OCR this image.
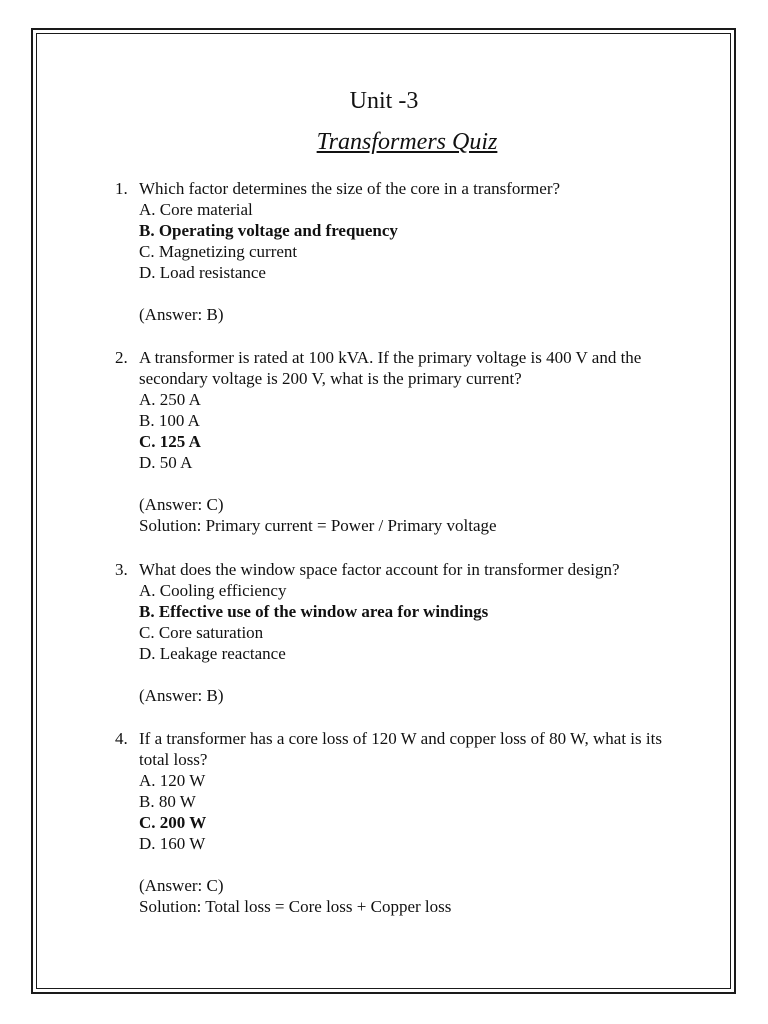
Unit -3
Transformers Quiz
1. Which factor determines the size of the core in a transformer?
A. Core material
B. Operating voltage and frequency
C. Magnetizing current
D. Load resistance
(Answer: B)
2. A transformer is rated at 100 kVA. If the primary voltage is 400 V and the secondary voltage is 200 V, what is the primary current?
A. 250 A
B. 100 A
C. 125 A
D. 50 A
(Answer: C)
Solution: Primary current = Power / Primary voltage
3. What does the window space factor account for in transformer design?
A. Cooling efficiency
B. Effective use of the window area for windings
C. Core saturation
D. Leakage reactance
(Answer: B)
4. If a transformer has a core loss of 120 W and copper loss of 80 W, what is its total loss?
A. 120 W
B. 80 W
C. 200 W
D. 160 W
(Answer: C)
Solution: Total loss = Core loss + Copper loss
